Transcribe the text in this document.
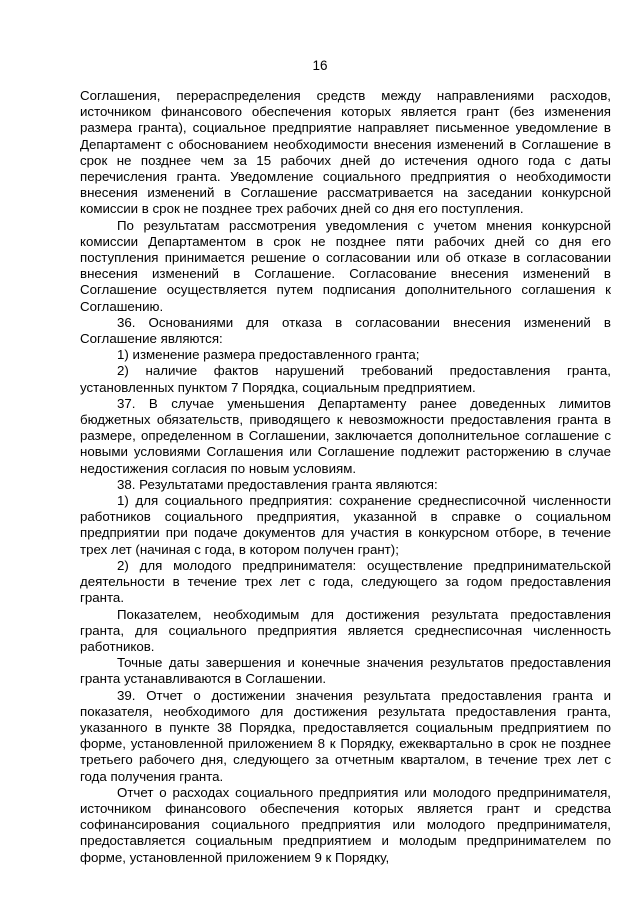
16

Соглашения, перераспределения средств между направлениями расходов, источником финансового обеспечения которых является грант (без изменения размера гранта), социальное предприятие направляет письменное уведомление в Департамент с обоснованием необходимости внесения изменений в Соглашение в срок не позднее чем за 15 рабочих дней до истечения одного года с даты перечисления гранта. Уведомление социального предприятия о необходимости внесения изменений в Соглашение рассматривается на заседании конкурсной комиссии в срок не позднее трех рабочих дней со дня его поступления.

По результатам рассмотрения уведомления с учетом мнения конкурсной комиссии Департаментом в срок не позднее пяти рабочих дней со дня его поступления принимается решение о согласовании или об отказе в согласовании внесения изменений в Соглашение. Согласование внесения изменений в Соглашение осуществляется путем подписания дополнительного соглашения к Соглашению.

36. Основаниями для отказа в согласовании внесения изменений в Соглашение являются:

1) изменение размера предоставленного гранта;

2) наличие фактов нарушений требований предоставления гранта, установленных пунктом 7 Порядка, социальным предприятием.

37. В случае уменьшения Департаменту ранее доведенных лимитов бюджетных обязательств, приводящего к невозможности предоставления гранта в размере, определенном в Соглашении, заключается дополнительное соглашение с новыми условиями Соглашения или Соглашение подлежит расторжению в случае недостижения согласия по новым условиям.

38. Результатами предоставления гранта являются:

1) для социального предприятия: сохранение среднесписочной численности работников социального предприятия, указанной в справке о социальном предприятии при подаче документов для участия в конкурсном отборе, в течение трех лет (начиная с года, в котором получен грант);

2) для молодого предпринимателя: осуществление предпринимательской деятельности в течение трех лет с года, следующего за годом предоставления гранта.

Показателем, необходимым для достижения результата предоставления гранта, для социального предприятия является среднесписочная численность работников.

Точные даты завершения и конечные значения результатов предоставления гранта устанавливаются в Соглашении.

39. Отчет о достижении значения результата предоставления гранта и показателя, необходимого для достижения результата предоставления гранта, указанного в пункте 38 Порядка, предоставляется социальным предприятием по форме, установленной приложением 8 к Порядку, ежеквартально в срок не позднее третьего рабочего дня, следующего за отчетным кварталом, в течение трех лет с года получения гранта.

Отчет о расходах социального предприятия или молодого предпринимателя, источником финансового обеспечения которых является грант и средства софинансирования социального предприятия или молодого предпринимателя, предоставляется социальным предприятием и молодым предпринимателем по форме, установленной приложением 9 к Порядку,
